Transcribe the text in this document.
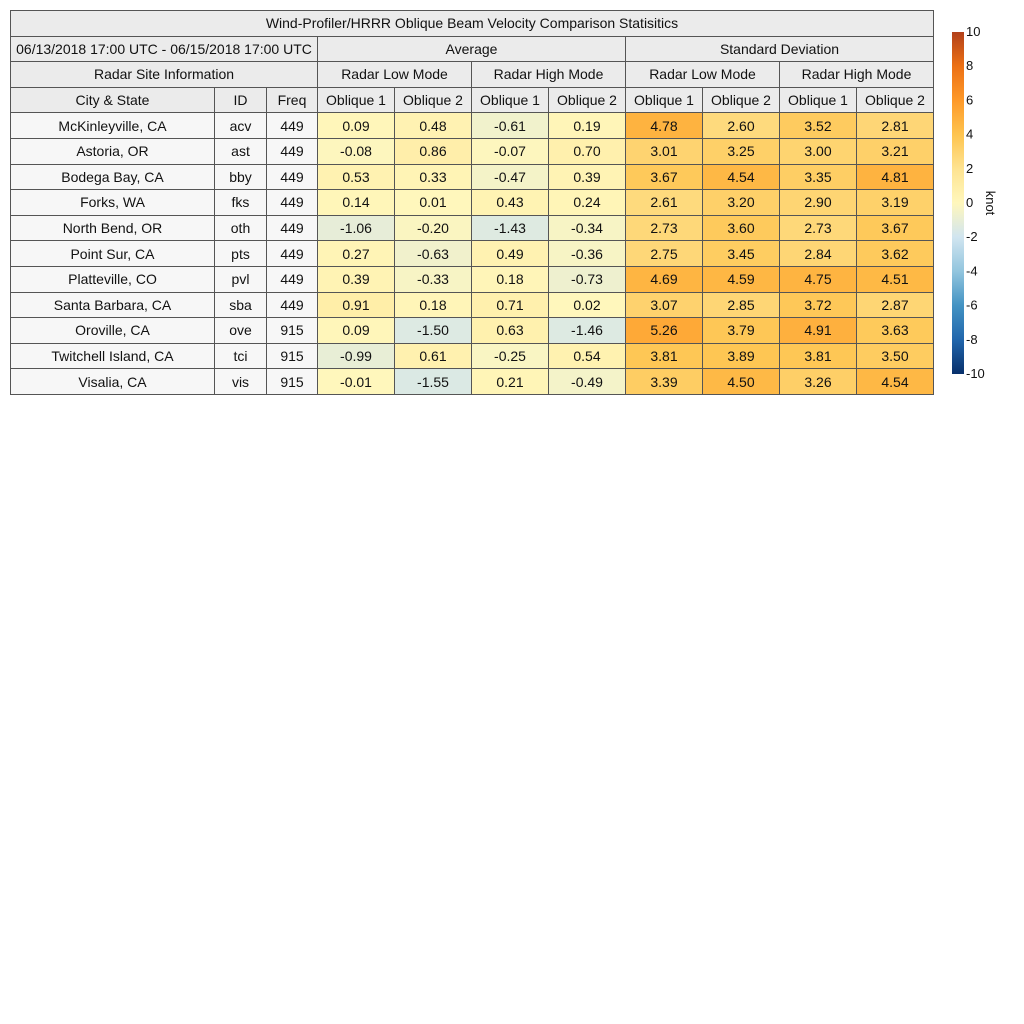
Wind-Profiler/HRRR Oblique Beam Velocity Comparison Statisitics										
06/13/2018 17:00 UTC - 06/15/2018 17:00 UTC			Average				Standard Deviation			
Radar Site Information			Radar Low Mode		Radar High Mode		Radar Low Mode		Radar High Mode	
City & State	ID	Freq	Oblique 1	Oblique 2	Oblique 1	Oblique 2	Oblique 1	Oblique 2	Oblique 1	Oblique 2
McKinleyville, CA	acv	449	0.09	0.48	-0.61	0.19	4.78	2.60	3.52	2.81
Astoria, OR	ast	449	-0.08	0.86	-0.07	0.70	3.01	3.25	3.00	3.21
Bodega Bay, CA	bby	449	0.53	0.33	-0.47	0.39	3.67	4.54	3.35	4.81
Forks, WA	fks	449	0.14	0.01	0.43	0.24	2.61	3.20	2.90	3.19
North Bend, OR	oth	449	-1.06	-0.20	-1.43	-0.34	2.73	3.60	2.73	3.67
Point Sur, CA	pts	449	0.27	-0.63	0.49	-0.36	2.75	3.45	2.84	3.62
Platteville, CO	pvl	449	0.39	-0.33	0.18	-0.73	4.69	4.59	4.75	4.51
Santa Barbara, CA	sba	449	0.91	0.18	0.71	0.02	3.07	2.85	3.72	2.87
Oroville, CA	ove	915	0.09	-1.50	0.63	-1.46	5.26	3.79	4.91	3.63
Twitchell Island, CA	tci	915	-0.99	0.61	-0.25	0.54	3.81	3.89	3.81	3.50
Visalia, CA	vis	915	-0.01	-1.55	0.21	-0.49	3.39	4.50	3.26	4.54
10
8
6
4
2
0
-2
-4
-6
-8
-10
knot
